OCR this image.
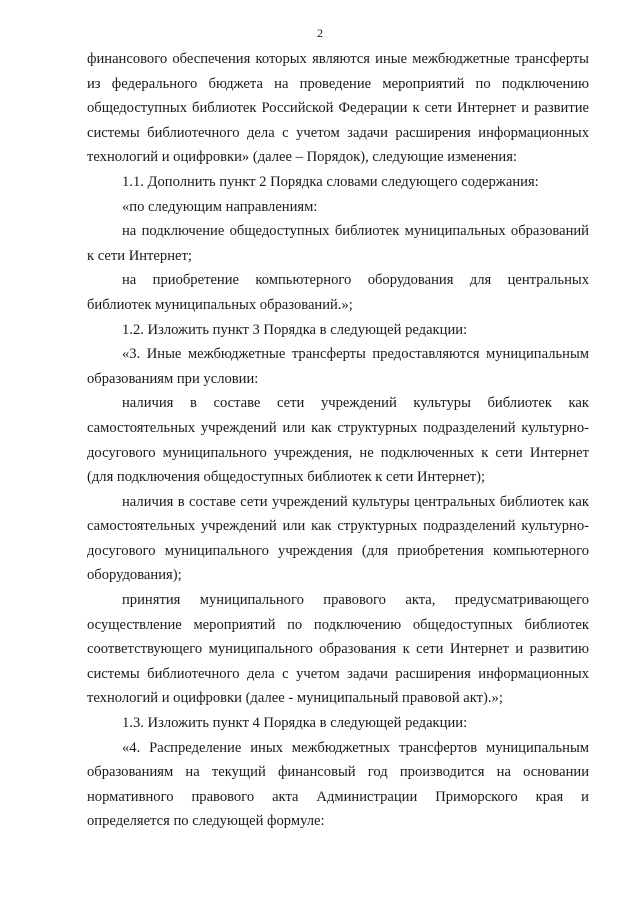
2

финансового обеспечения которых являются иные межбюджетные трансферты из федерального бюджета на проведение мероприятий по подключению общедоступных библиотек Российской Федерации к сети Интернет и развитие системы библиотечного дела с учетом задачи расширения информационных технологий и оцифровки» (далее – Порядок), следующие изменения:

1.1. Дополнить пункт 2 Порядка словами следующего содержания:

«по следующим направлениям:

на подключение общедоступных библиотек муниципальных образований к сети Интернет;

на приобретение компьютерного оборудования для центральных библиотек муниципальных образований.»;

1.2. Изложить пункт 3 Порядка в следующей редакции:

«3. Иные межбюджетные трансферты предоставляются муниципальным образованиям при условии:

наличия в составе сети учреждений культуры библиотек как самостоятельных учреждений или как структурных подразделений культурно-досугового муниципального учреждения, не подключенных к сети Интернет (для подключения общедоступных библиотек к сети Интернет);

наличия в составе сети учреждений культуры центральных библиотек как самостоятельных учреждений или как структурных подразделений культурно-досугового муниципального учреждения (для приобретения компьютерного оборудования);

принятия муниципального правового акта, предусматривающего осуществление мероприятий по подключению общедоступных библиотек соответствующего муниципального образования к сети Интернет и развитию системы библиотечного дела с учетом задачи расширения информационных технологий и оцифровки (далее - муниципальный правовой акт).»;

1.3. Изложить пункт 4 Порядка в следующей редакции:

«4. Распределение иных межбюджетных трансфертов муниципальным образованиям на текущий финансовый год производится на основании нормативного правового акта Администрации Приморского края и определяется по следующей формуле:
